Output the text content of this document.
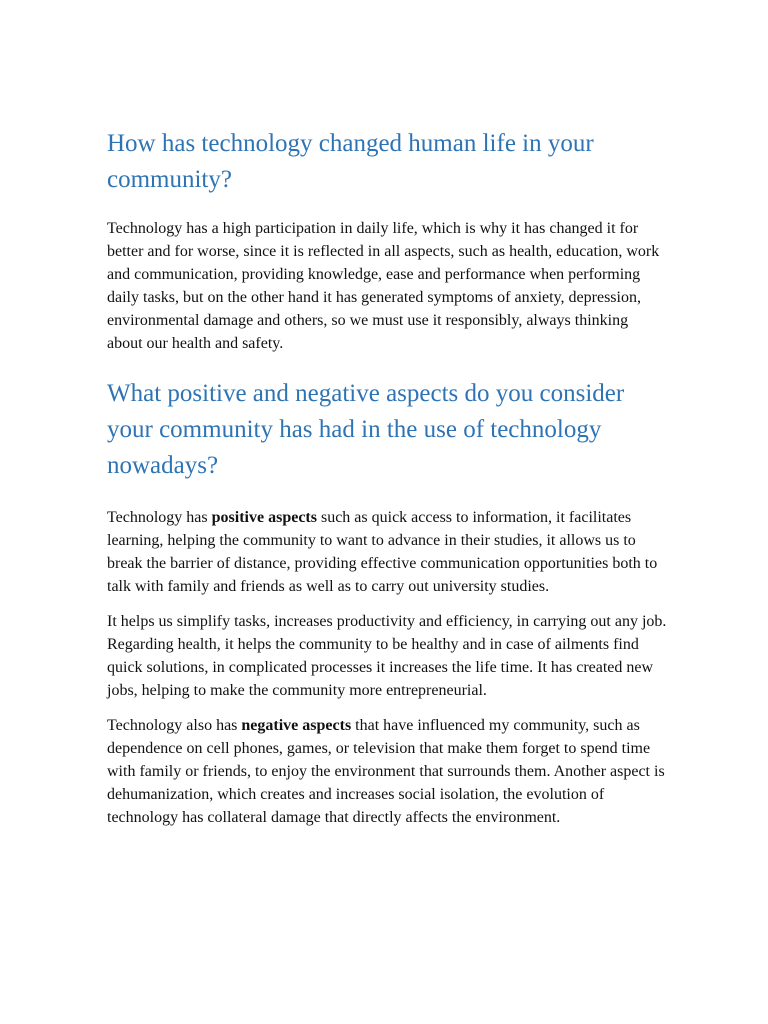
How has technology changed human life in your community?

Technology has a high participation in daily life, which is why it has changed it for better and for worse, since it is reflected in all aspects, such as health, education, work and communication, providing knowledge, ease and performance when performing daily tasks, but on the other hand it has generated symptoms of anxiety, depression, environmental damage and others, so we must use it responsibly, always thinking about our health and safety.

What positive and negative aspects do you consider your community has had in the use of technology nowadays?

Technology has positive aspects such as quick access to information, it facilitates learning, helping the community to want to advance in their studies, it allows us to break the barrier of distance, providing effective communication opportunities both to talk with family and friends as well as to carry out university studies.

It helps us simplify tasks, increases productivity and efficiency, in carrying out any job. Regarding health, it helps the community to be healthy and in case of ailments find quick solutions, in complicated processes it increases the life time. It has created new jobs, helping to make the community more entrepreneurial.

Technology also has negative aspects that have influenced my community, such as dependence on cell phones, games, or television that make them forget to spend time with family or friends, to enjoy the environment that surrounds them. Another aspect is dehumanization, which creates and increases social isolation, the evolution of technology has collateral damage that directly affects the environment.
